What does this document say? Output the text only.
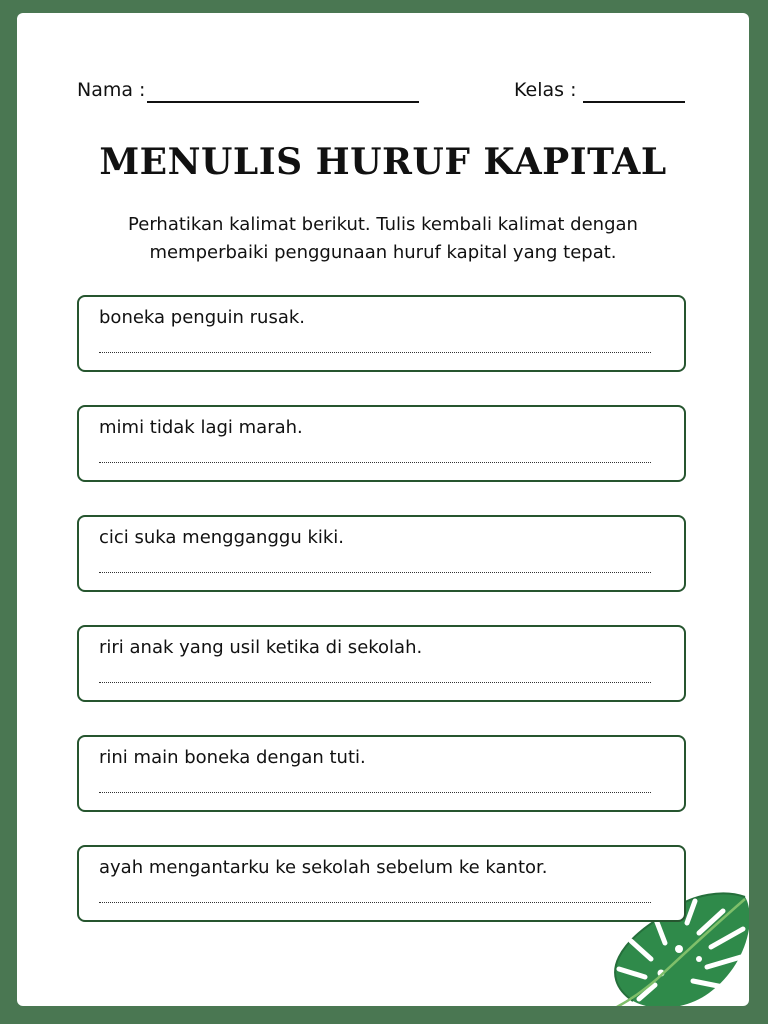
Nama :	Kelas :
MENULIS HURUF KAPITAL
Perhatikan kalimat berikut. Tulis kembali kalimat dengan memperbaiki penggunaan huruf kapital yang tepat.
boneka penguin rusak.
mimi tidak lagi marah.
cici suka mengganggu kiki.
riri anak yang usil ketika di sekolah.
rini main boneka dengan tuti.
ayah mengantarku ke sekolah sebelum ke kantor.
